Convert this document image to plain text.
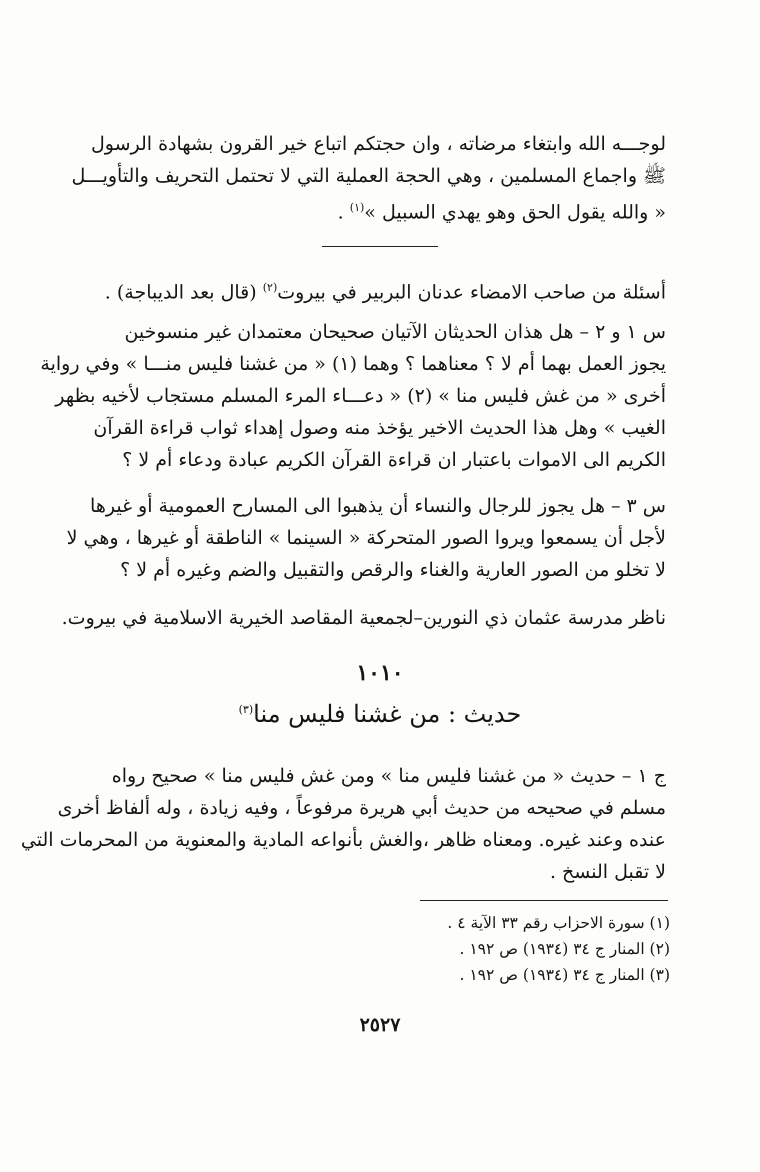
لوجـــه الله وابتغاء مرضاته ، وان حجتكم اتباع خير القرون بشهادة الرسول
ﷺ واجماع المسلمين ، وهي الحجة العملية التي لا تحتمل التحريف والتأويـــل
« والله يقول الحق وهو يهدي السبيل »$^{(١)}$ .
أسئلة من صاحب الامضاء عدنان البربير في بيروت$^{(٢)}$ (قال بعد الديباجة) .
س ١ و ٢ – هل هذان الحديثان الآتيان صحيحان معتمدان غير منسوخين
يجوز العمل بهما أم لا ؟ معناهما ؟ وهما (١) « من غشنا فليس منـــا » وفي رواية
أخرى « من غش فليس منا » (٢) « دعـــاء المرء المسلم مستجاب لأخيه بظهر
الغيب » وهل هذا الحديث الاخير يؤخذ منه وصول إهداء ثواب قراءة القرآن
الكريم الى الاموات باعتبار ان قراءة القرآن الكريم عبادة ودعاء أم لا ؟
س ٣ – هل يجوز للرجال والنساء أن يذهبوا الى المسارح العمومية أو غيرها
لأجل أن يسمعوا ويروا الصور المتحركة « السينما » الناطقة أو غيرها ، وهي لا
لا تخلو من الصور العارية والغناء والرقص والتقبيل والضم وغيره أم لا ؟
ناظر مدرسة عثمان ذي النورين–لجمعية المقاصد الخيرية الاسلامية في بيروت.
١٠١٠
حديث : من غشنا فليس منا$^{(٣)}$
ج ١ – حديث « من غشنا فليس منا » ومن غش فليس منا » صحيح رواه
مسلم في صحيحه من حديث أبي هريرة مرفوعاً ، وفيه زيادة ، وله ألفاظ أخرى
عنده وعند غيره. ومعناه ظاهر ،والغش بأنواعه المادية والمعنوية من المحرمات التي
لا تقبل النسخ .
(١) سورة الاحزاب رقم ٣٣ الآية ٤ .
(٢) المنار ج ٣٤ (١٩٣٤) ص ١٩٢ .
(٣) المنار ج ٣٤ (١٩٣٤) ص ١٩٢ .
٢٥٢٧
